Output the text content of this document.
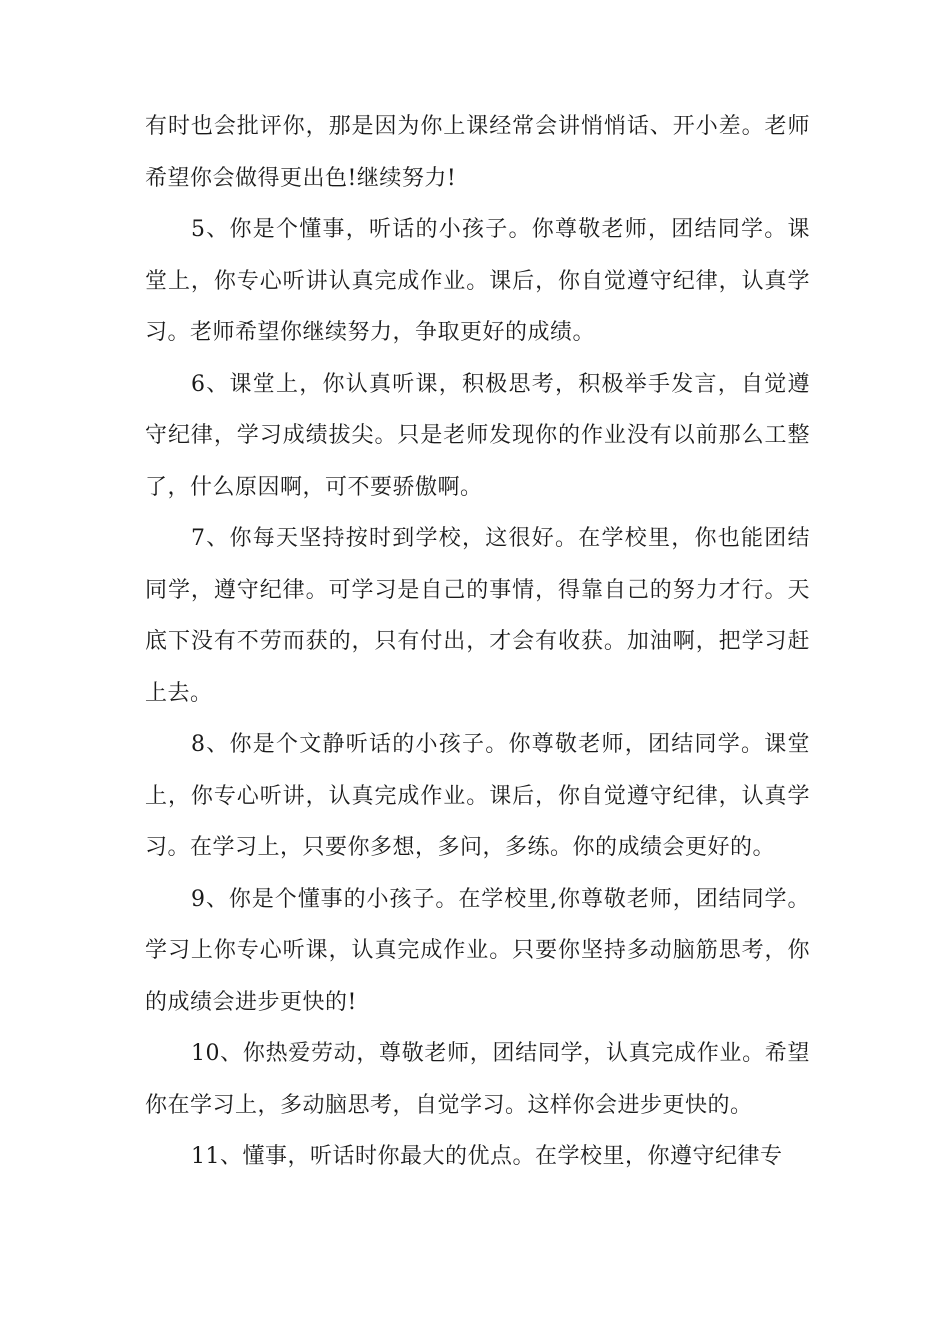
有时也会批评你，那是因为你上课经常会讲悄悄话、开小差。老师希望你会做得更出色!继续努力!

5、你是个懂事，听话的小孩子。你尊敬老师，团结同学。课堂上，你专心听讲认真完成作业。课后，你自觉遵守纪律，认真学习。老师希望你继续努力，争取更好的成绩。

6、课堂上，你认真听课，积极思考，积极举手发言，自觉遵守纪律，学习成绩拔尖。只是老师发现你的作业没有以前那么工整了，什么原因啊，可不要骄傲啊。

7、你每天坚持按时到学校，这很好。在学校里，你也能团结同学，遵守纪律。可学习是自己的事情，得靠自己的努力才行。天底下没有不劳而获的，只有付出，才会有收获。加油啊，把学习赶上去。

8、你是个文静听话的小孩子。你尊敬老师，团结同学。课堂上，你专心听讲，认真完成作业。课后，你自觉遵守纪律，认真学习。在学习上，只要你多想，多问，多练。你的成绩会更好的。

9、你是个懂事的小孩子。在学校里,你尊敬老师，团结同学。学习上你专心听课，认真完成作业。只要你坚持多动脑筋思考，你的成绩会进步更快的!

10、你热爱劳动，尊敬老师，团结同学，认真完成作业。希望你在学习上，多动脑思考，自觉学习。这样你会进步更快的。

11、懂事，听话时你最大的优点。在学校里，你遵守纪律专
